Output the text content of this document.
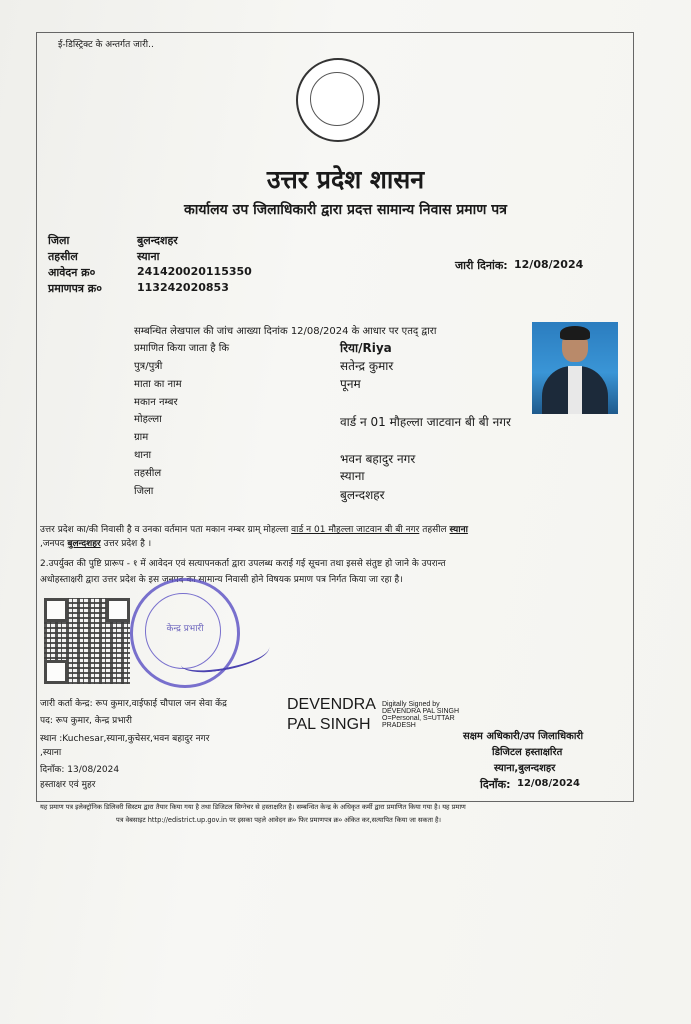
ई-डिस्ट्रिक्ट के अन्तर्गत जारी..
उत्तर प्रदेश शासन
कार्यालय उप जिलाधिकारी द्वारा प्रदत्त सामान्य निवास प्रमाण पत्र
जिला	बुलन्दशहर
तहसील	स्याना
आवेदन क्र०	241420020115350
प्रमाणपत्र क्र०	113242020853
जारी दिनांक: 12/08/2024
सम्बन्धित लेखपाल की जांच आख्या दिनांक 12/08/2024 के आधार पर एतद् द्वारा
प्रमाणित किया जाता है कि	रिया/Riya
पुत्र/पुत्री	सतेन्द्र कुमार
माता का नाम	पूनम
मकान नम्बर
मोहल्ला	वार्ड न 01 मौहल्ला जाटवान बी बी नगर
ग्राम
थाना	भवन बहादुर नगर
तहसील	स्याना
जिला	बुलन्दशहर
उत्तर प्रदेश का/की निवासी है व उनका वर्तमान पता मकान नम्बर ग्राम् मोहल्ला वार्ड न 01 मौहल्ला जाटवान बी बी नगर तहसील स्याना
,जनपद बुलन्दशहर उत्तर प्रदेश है ।
2.उपर्युक्त की पुष्टि प्रारूप - १ में आवेदन एवं सत्यापनकर्ता द्वारा उपलब्ध कराई गई सूचना तथा इससे संतुष्ट हो जाने के उपरान्त
अधोहस्ताक्षरी द्वारा उत्तर प्रदेश के इस जनपद का सामान्य निवासी होने विषयक प्रमाण पत्र निर्गत किया जा रहा है।
केन्द्र प्रभारी
जारी कर्ता केन्द्र: रूप कुमार,वाईफाई चौपाल जन सेवा केंद्र
पद: रूप कुमार, केन्द्र प्रभारी
स्थान :Kuchesar,स्याना,कुचेसर,भवन बहादुर नगर
,स्याना
दिनाँक: 13/08/2024
हस्ताक्षर एवं मुहर
DEVENDRA
PAL SINGH
Digitally Signed by
DEVENDRA PAL SINGH
O=Personal, S=UTTAR
PRADESH
सक्षम अधिकारी/उप जिलाधिकारी
डिजिटल हस्ताक्षरित
स्याना,बुलन्दशहर
दिनाँक: 12/08/2024
यह प्रमाण पत्र इलेक्ट्रॉनिक डिलिवरी सिस्टम द्वारा तैयार किया गया है तथा डिजिटल सिग्नेचर से हस्ताक्षरित है। सम्बन्धित केन्द्र के अधिकृत कर्मी द्वारा प्रमाणित किया गया है। यह प्रमाण
पत्र वेबसाइट http://edistrict.up.gov.in पर इसका पहले आवेदन क्र० फिर प्रमाणपत्र क्र० अंकित कर,सत्यापित किया जा सकता है।
